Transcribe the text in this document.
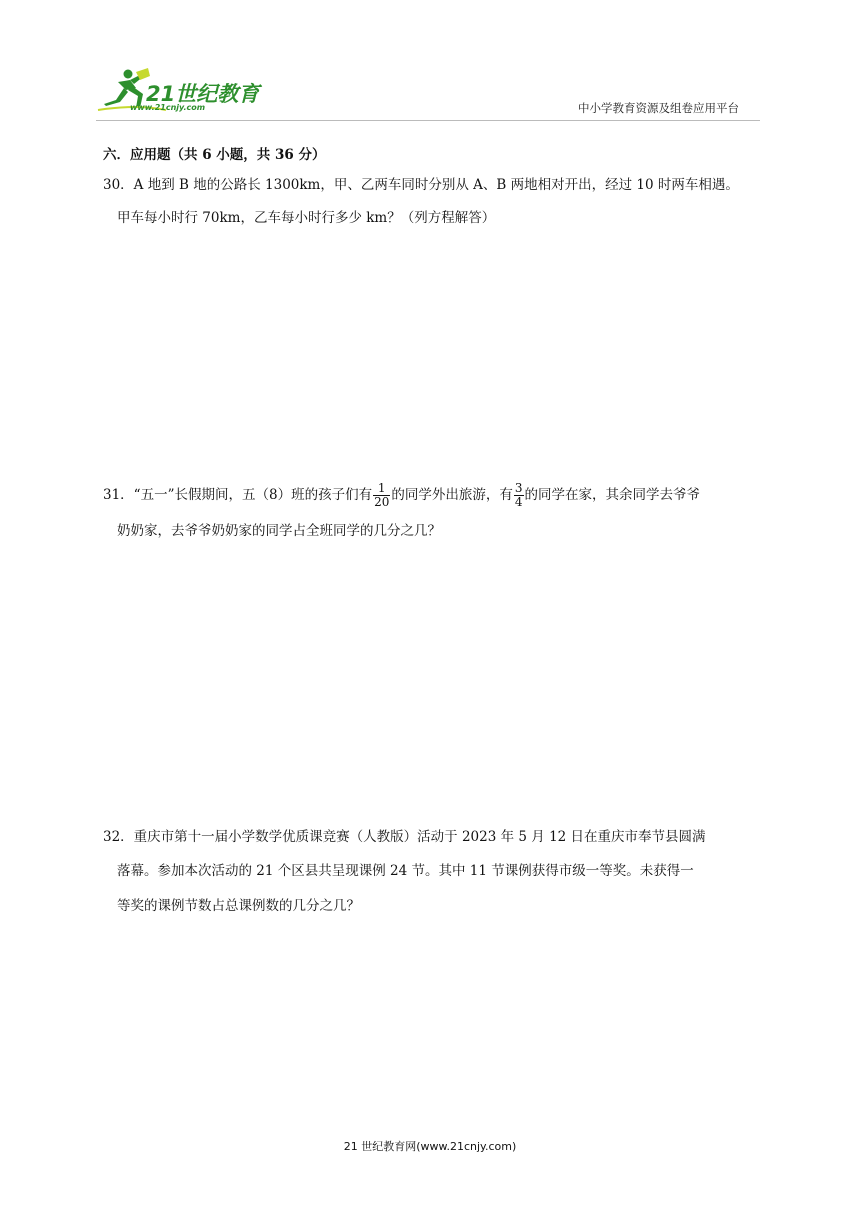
21世纪教育
www.21cnjy.com	中小学教育资源及组卷应用平台
六．应用题（共 6 小题，共 36 分）
30．A 地到 B 地的公路长 1300km，甲、乙两车同时分别从 A、B 两地相对开出，经过 10 时两车相遇。
甲车每小时行 70km，乙车每小时行多少 km？（列方程解答）
31．“五一”长假期间，五（8）班的孩子们有 $\frac{1}{20}$ 的同学外出旅游，有 $\frac{3}{4}$ 的同学在家，其余同学去爷爷
奶奶家，去爷爷奶奶家的同学占全班同学的几分之几？
32．重庆市第十一届小学数学优质课竞赛（人教版）活动于 2023 年 5 月 12 日在重庆市奉节县圆满
落幕。参加本次活动的 21 个区县共呈现课例 24 节。其中 11 节课例获得市级一等奖。未获得一
等奖的课例节数占总课例数的几分之几？
21 世纪教育网(www.21cnjy.com)
